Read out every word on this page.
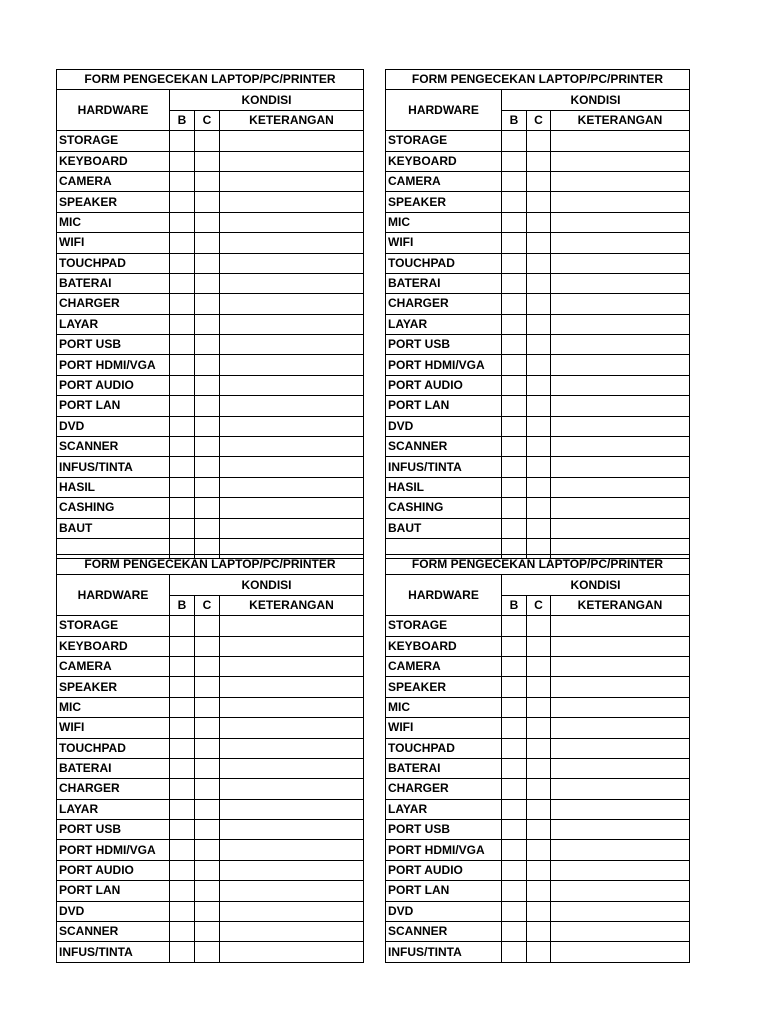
FORM PENGECEKAN LAPTOP/PC/PRINTER			
HARDWARE	KONDISI		
	B	C	KETERANGAN
STORAGE			
KEYBOARD			
CAMERA			
SPEAKER			
MIC			
WIFI			
TOUCHPAD			
BATERAI			
CHARGER			
LAYAR			
PORT USB			
PORT HDMI/VGA			
PORT AUDIO			
PORT LAN			
DVD			
SCANNER			
INFUS/TINTA			
HASIL			
CASHING			
BAUT			

FORM PENGECEKAN LAPTOP/PC/PRINTER			
HARDWARE	KONDISI		
	B	C	KETERANGAN
STORAGE			
KEYBOARD			
CAMERA			
SPEAKER			
MIC			
WIFI			
TOUCHPAD			
BATERAI			
CHARGER			
LAYAR			
PORT USB			
PORT HDMI/VGA			
PORT AUDIO			
PORT LAN			
DVD			
SCANNER			
INFUS/TINTA			
HASIL			
CASHING			
BAUT			

FORM PENGECEKAN LAPTOP/PC/PRINTER			
HARDWARE	KONDISI		
	B	C	KETERANGAN
STORAGE			
KEYBOARD			
CAMERA			
SPEAKER			
MIC			
WIFI			
TOUCHPAD			
BATERAI			
CHARGER			
LAYAR			
PORT USB			
PORT HDMI/VGA			
PORT AUDIO			
PORT LAN			
DVD			
SCANNER			
INFUS/TINTA			
FORM PENGECEKAN LAPTOP/PC/PRINTER			
HARDWARE	KONDISI		
	B	C	KETERANGAN
STORAGE			
KEYBOARD			
CAMERA			
SPEAKER			
MIC			
WIFI			
TOUCHPAD			
BATERAI			
CHARGER			
LAYAR			
PORT USB			
PORT HDMI/VGA			
PORT AUDIO			
PORT LAN			
DVD			
SCANNER			
INFUS/TINTA			
